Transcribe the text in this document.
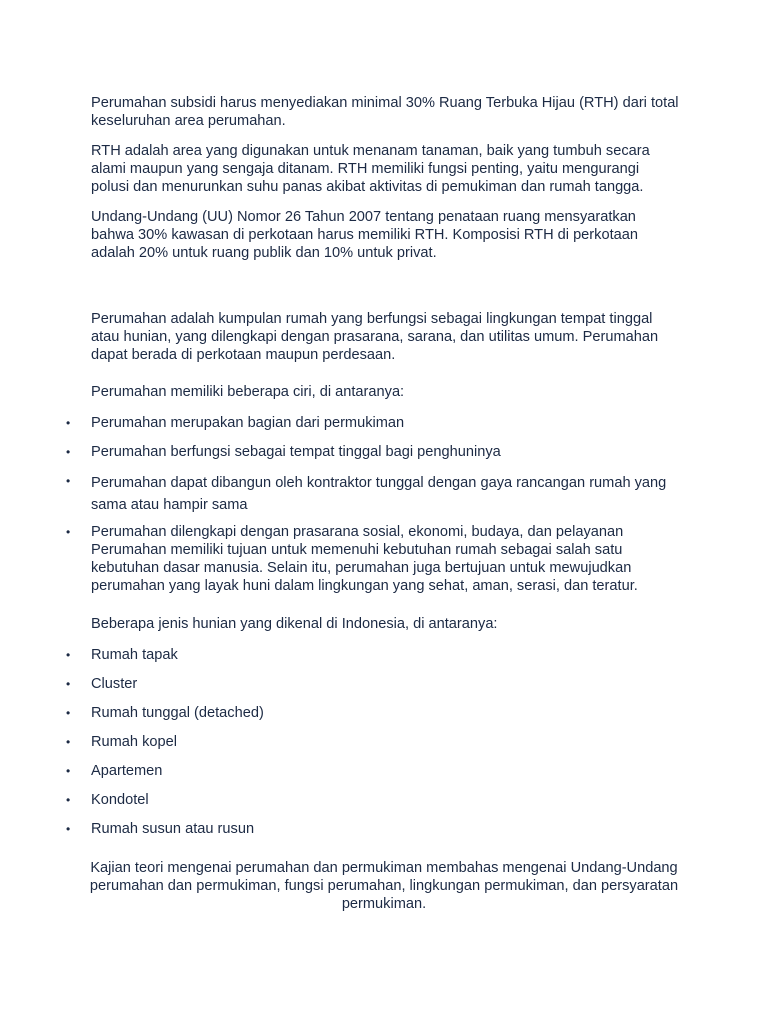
Perumahan subsidi harus menyediakan minimal 30% Ruang Terbuka Hijau (RTH) dari total keseluruhan area perumahan.

RTH adalah area yang digunakan untuk menanam tanaman, baik yang tumbuh secara alami maupun yang sengaja ditanam. RTH memiliki fungsi penting, yaitu mengurangi polusi dan menurunkan suhu panas akibat aktivitas di pemukiman dan rumah tangga.

Undang-Undang (UU) Nomor 26 Tahun 2007 tentang penataan ruang mensyaratkan bahwa 30% kawasan di perkotaan harus memiliki RTH. Komposisi RTH di perkotaan adalah 20% untuk ruang publik dan 10% untuk privat.

Perumahan adalah kumpulan rumah yang berfungsi sebagai lingkungan tempat tinggal atau hunian, yang dilengkapi dengan prasarana, sarana, dan utilitas umum. Perumahan dapat berada di perkotaan maupun perdesaan.

Perumahan memiliki beberapa ciri, di antaranya:

• Perumahan merupakan bagian dari permukiman
• Perumahan berfungsi sebagai tempat tinggal bagi penghuninya
• Perumahan dapat dibangun oleh kontraktor tunggal dengan gaya rancangan rumah yang sama atau hampir sama
• Perumahan dilengkapi dengan prasarana sosial, ekonomi, budaya, dan pelayanan Perumahan memiliki tujuan untuk memenuhi kebutuhan rumah sebagai salah satu kebutuhan dasar manusia. Selain itu, perumahan juga bertujuan untuk mewujudkan perumahan yang layak huni dalam lingkungan yang sehat, aman, serasi, dan teratur.

Beberapa jenis hunian yang dikenal di Indonesia, di antaranya:

• Rumah tapak
• Cluster
• Rumah tunggal (detached)
• Rumah kopel
• Apartemen
• Kondotel
• Rumah susun atau rusun

Kajian teori mengenai perumahan dan permukiman membahas mengenai Undang-Undang perumahan dan permukiman, fungsi perumahan, lingkungan permukiman, dan persyaratan permukiman.
